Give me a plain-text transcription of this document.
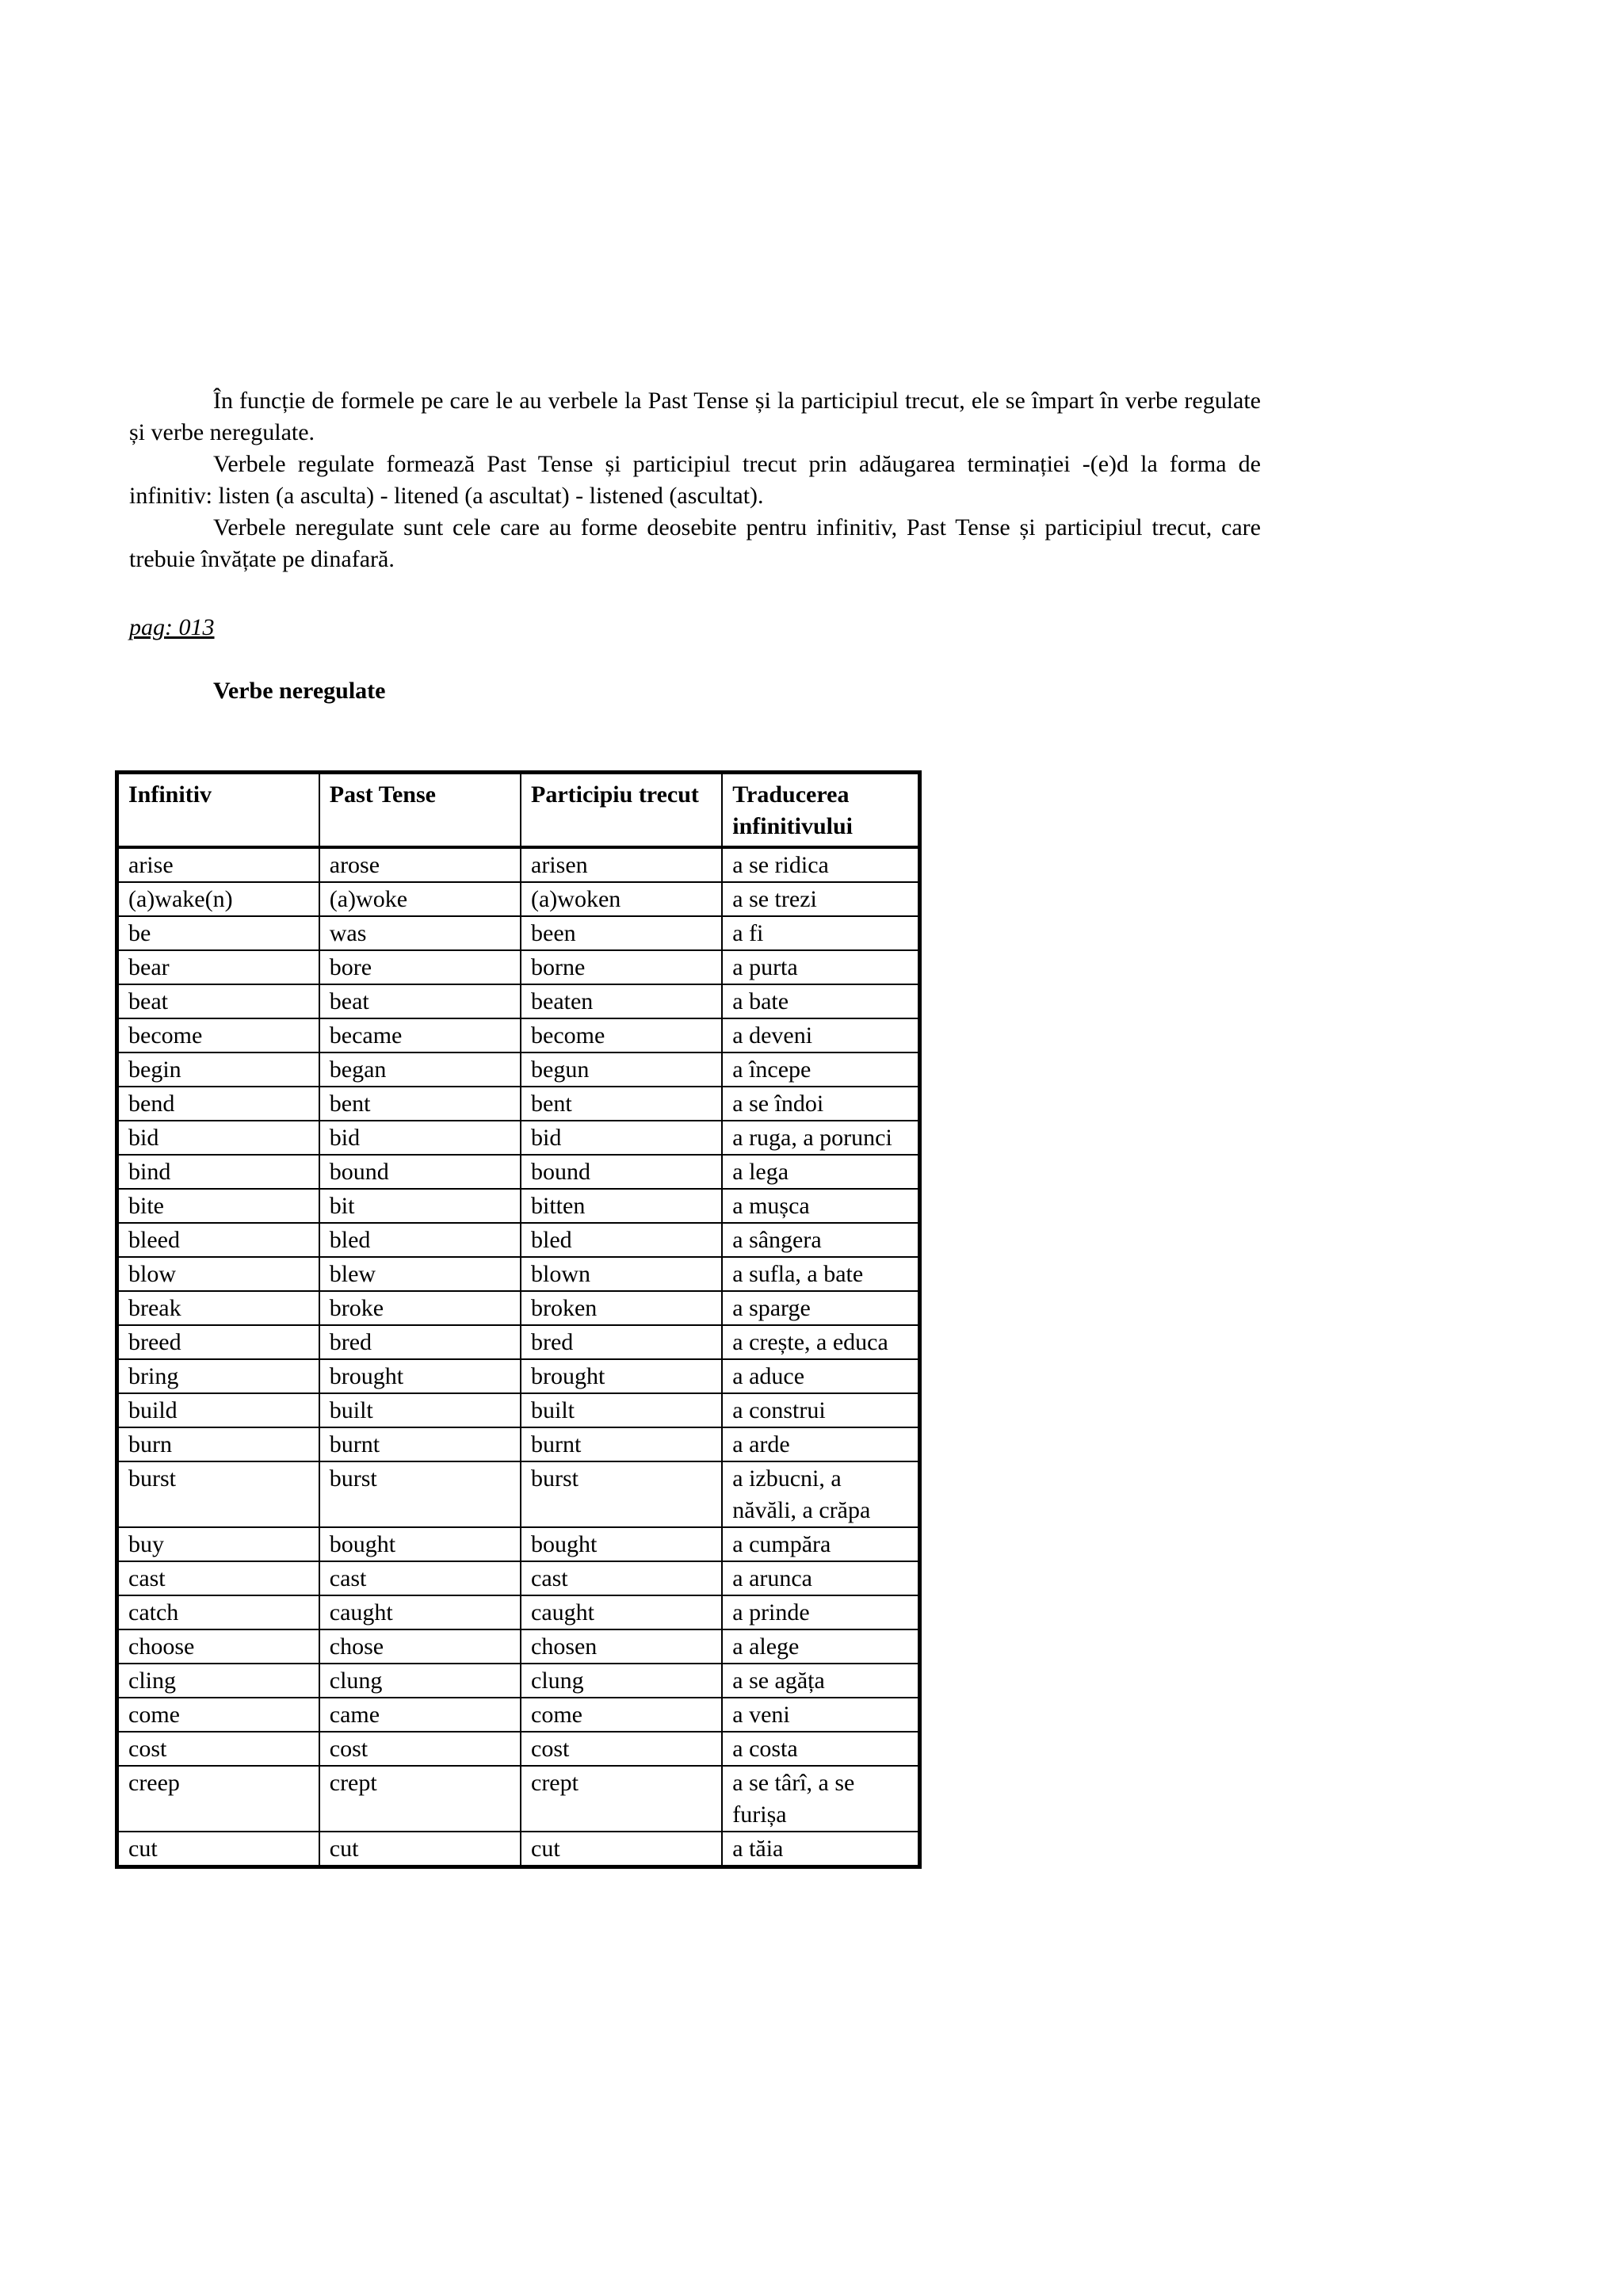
În funcție de formele pe care le au verbele la Past Tense și la participiul trecut, ele se împart în verbe regulate și verbe neregulate.

Verbele regulate formează Past Tense și participiul trecut prin adăugarea terminației -(e)d la forma de infinitiv: listen (a asculta) - litened (a ascultat) - listened (ascultat).

Verbele neregulate sunt cele care au forme deosebite pentru infinitiv, Past Tense și participiul trecut, care trebuie învățate pe dinafară.

pag: 013
Verbe neregulate
Infinitiv	Past Tense	Participiu trecut	Traducerea infinitivului
arise	arose	arisen	a se ridica
(a)wake(n)	(a)woke	(a)woken	a se trezi
be	was	been	a fi
bear	bore	borne	a purta
beat	beat	beaten	a bate
become	became	become	a deveni
begin	began	begun	a începe
bend	bent	bent	a se îndoi
bid	bid	bid	a ruga, a porunci
bind	bound	bound	a lega
bite	bit	bitten	a mușca
bleed	bled	bled	a sângera
blow	blew	blown	a sufla, a bate
break	broke	broken	a sparge
breed	bred	bred	a crește, a educa
bring	brought	brought	a aduce
build	built	built	a construi
burn	burnt	burnt	a arde
burst	burst	burst	a izbucni, a năvăli, a crăpa
buy	bought	bought	a cumpăra
cast	cast	cast	a arunca
catch	caught	caught	a prinde
choose	chose	chosen	a alege
cling	clung	clung	a se agăța
come	came	come	a veni
cost	cost	cost	a costa
creep	crept	crept	a se târî, a se furișa
cut	cut	cut	a tăia
